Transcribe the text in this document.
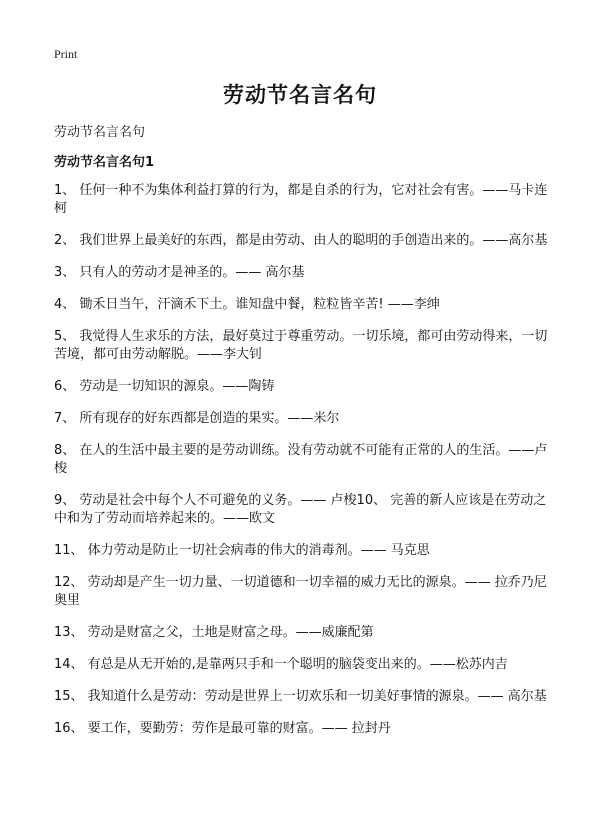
Print
劳动节名言名句
劳动节名言名句
劳动节名言名句1
1、 任何一种不为集体利益打算的行为，都是自杀的行为，它对社会有害。——马卡连柯
2、 我们世界上最美好的东西，都是由劳动、由人的聪明的手创造出来的。——高尔基
3、 只有人的劳动才是神圣的。—— 高尔基
4、 锄禾日当午，汗滴禾下土。谁知盘中餐，粒粒皆辛苦! ——李绅
5、 我觉得人生求乐的方法，最好莫过于尊重劳动。一切乐境，都可由劳动得来，一切苦境，都可由劳动解脱。——李大钊
6、 劳动是一切知识的源泉。——陶铸
7、 所有现存的好东西都是创造的果实。——米尔
8、 在人的生活中最主要的是劳动训练。没有劳动就不可能有正常的人的生活。——卢梭
9、 劳动是社会中每个人不可避免的义务。—— 卢梭10、 完善的新人应该是在劳动之中和为了劳动而培养起来的。——欧文
11、 体力劳动是防止一切社会病毒的伟大的消毒剂。—— 马克思
12、 劳动却是产生一切力量、一切道德和一切幸福的威力无比的源泉。—— 拉乔乃尼奥里
13、 劳动是财富之父，土地是财富之母。——威廉配第
14、 有总是从无开始的,是靠两只手和一个聪明的脑袋变出来的。——松苏内吉
15、 我知道什么是劳动：劳动是世界上一切欢乐和一切美好事情的源泉。—— 高尔基
16、 要工作，要勤劳：劳作是最可靠的财富。—— 拉封丹
